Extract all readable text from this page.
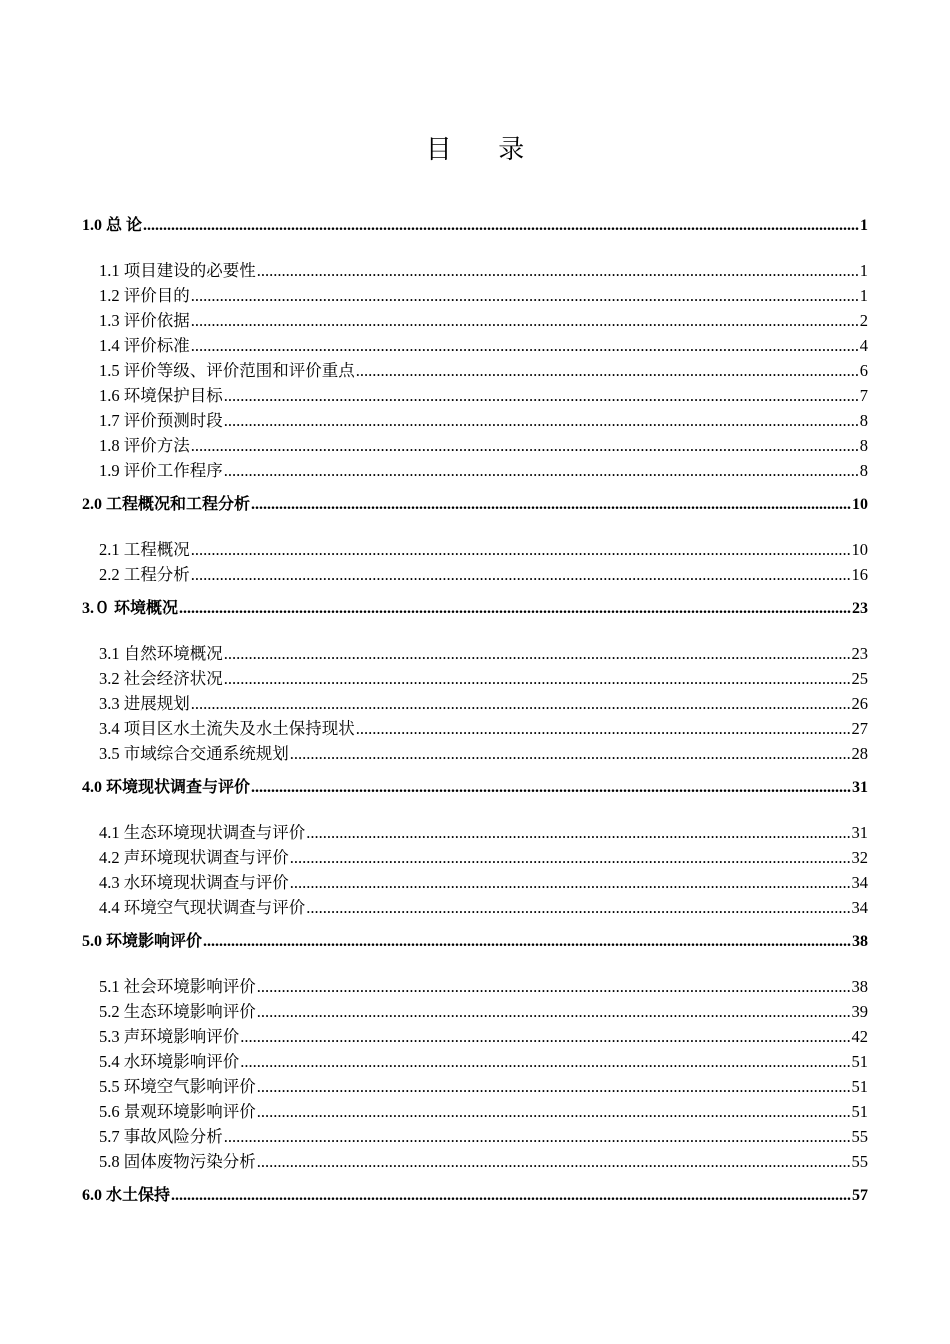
目 录
1.0 总 论 .....	1
1.1 项目建设的必要性 .....	1
1.2 评价目的 .....	1
1.3 评价依据 .....	2
1.4 评价标准 .....	4
1.5 评价等级、评价范围和评价重点 .....	6
1.6 环境保护目标 .....	7
1.7 评价预测时段 .....	8
1.8 评价方法 .....	8
1.9 评价工作程序 .....	8
2.0 工程概况和工程分析 .....	10
2.1 工程概况 .....	10
2.2 工程分析 .....	16
3.０ 环境概况 .....	23
3.1 自然环境概况 .....	23
3.2 社会经济状况 .....	25
3.3 进展规划 .....	26
3.4 项目区水土流失及水土保持现状 .....	27
3.5 市域综合交通系统规划 .....	28
4.0 环境现状调查与评价 .....	31
4.1 生态环境现状调查与评价 .....	31
4.2 声环境现状调查与评价 .....	32
4.3 水环境现状调查与评价 .....	34
4.4 环境空气现状调查与评价 .....	34
5.0 环境影响评价 .....	38
5.1 社会环境影响评价 .....	38
5.2 生态环境影响评价 .....	39
5.3 声环境影响评价 .....	42
5.4 水环境影响评价 .....	51
5.5 环境空气影响评价 .....	51
5.6 景观环境影响评价 .....	51
5.7 事故风险分析 .....	55
5.8 固体废物污染分析 .....	55
6.0 水土保持 .....	57
